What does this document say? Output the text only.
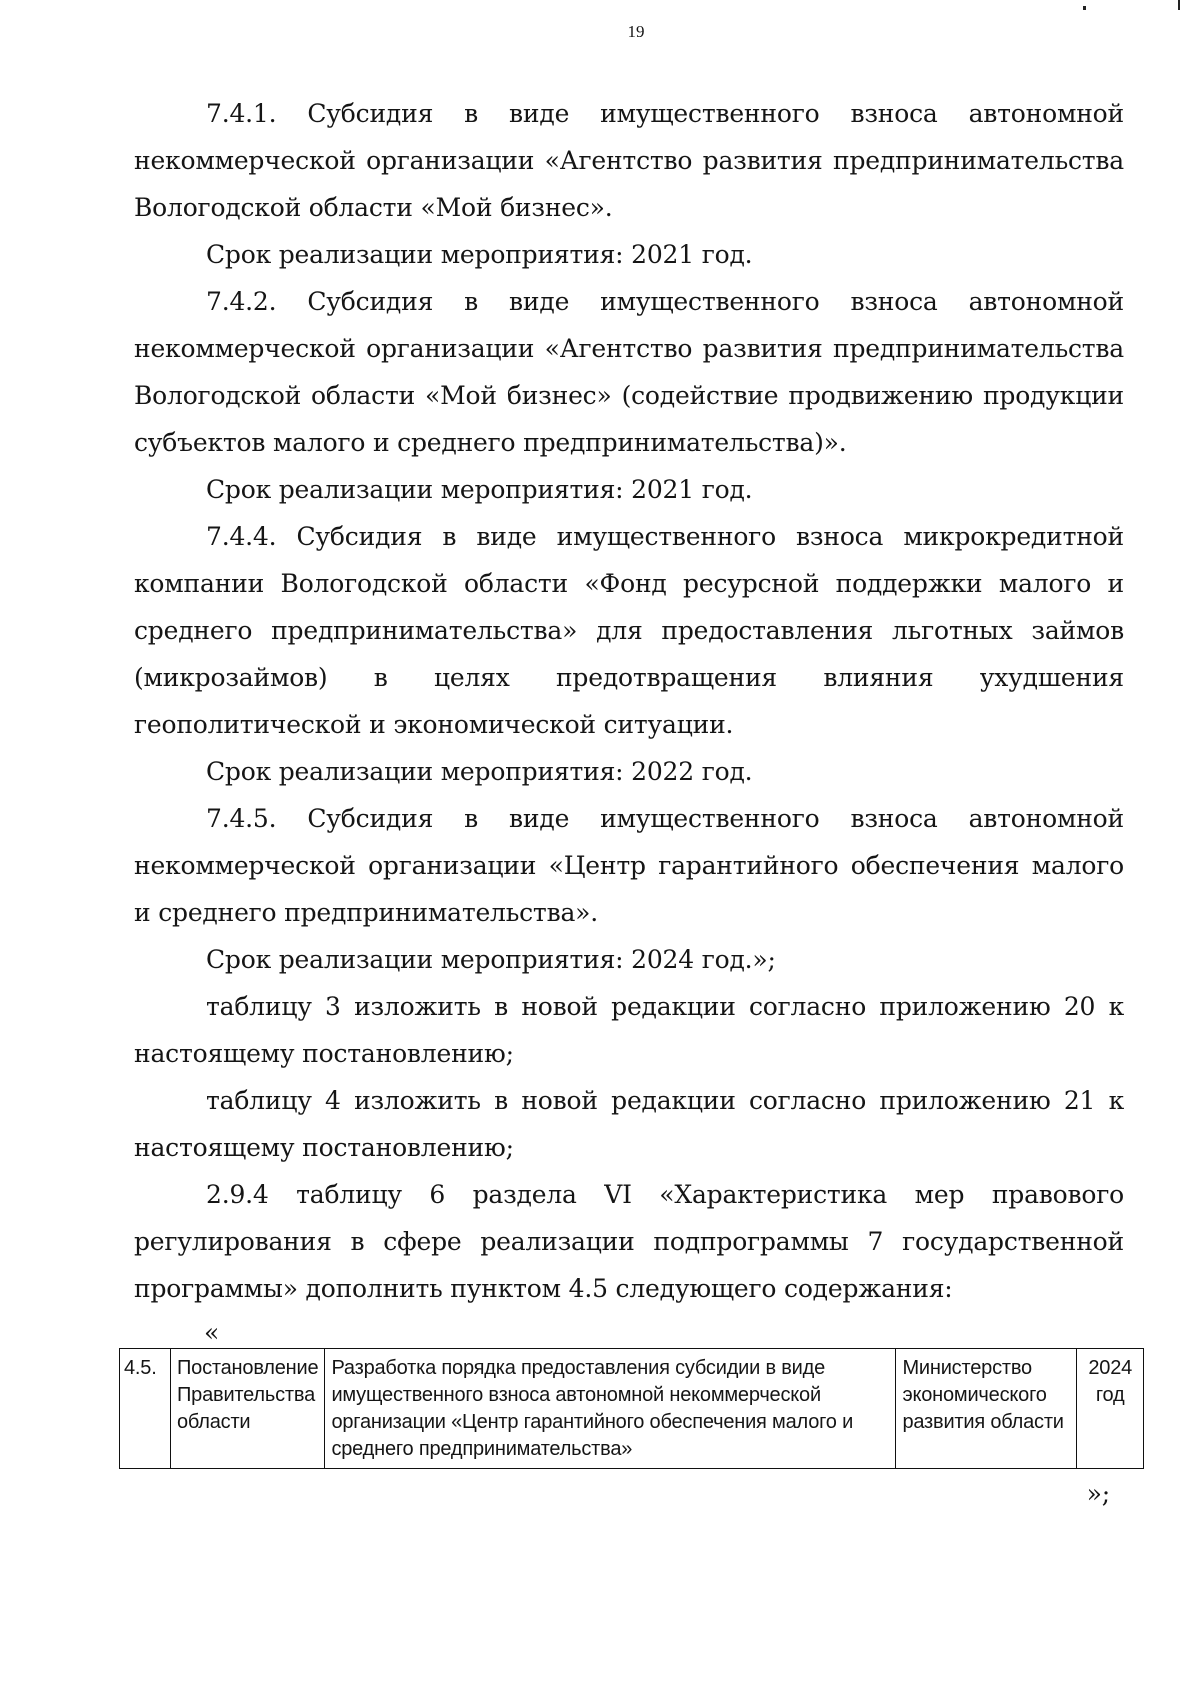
19

7.4.1. Субсидия в виде имущественного взноса автономной некоммерческой организации «Агентство развития предпринимательства Вологодской области «Мой бизнес».

Срок реализации мероприятия: 2021 год.

7.4.2. Субсидия в виде имущественного взноса автономной некоммерческой организации «Агентство развития предпринимательства Вологодской области «Мой бизнес» (содействие продвижению продукции субъектов малого и среднего предпринимательства)».

Срок реализации мероприятия: 2021 год.

7.4.4. Субсидия в виде имущественного взноса микрокредитной компании Вологодской области «Фонд ресурсной поддержки малого и среднего предпринимательства» для предоставления льготных займов (микрозаймов) в целях предотвращения влияния ухудшения геополитической и экономической ситуации.

Срок реализации мероприятия: 2022 год.

7.4.5. Субсидия в виде имущественного взноса автономной некоммерческой организации «Центр гарантийного обеспечения малого и среднего предпринимательства».

Срок реализации мероприятия: 2024 год.»;

таблицу 3 изложить в новой редакции согласно приложению 20 к настоящему постановлению;

таблицу 4 изложить в новой редакции согласно приложению 21 к настоящему постановлению;

2.9.4 таблицу 6 раздела VI «Характеристика мер правового регулирования в сфере реализации подпрограммы 7 государственной программы» дополнить пунктом 4.5 следующего содержания:

«

4.5.	Постановление Правительства области	Разработка порядка предоставления субсидии в виде имущественного взноса автономной некоммерческой организации «Центр гарантийного обеспечения малого и среднего предпринимательства»	Министерство экономического развития области	2024 год

»;
